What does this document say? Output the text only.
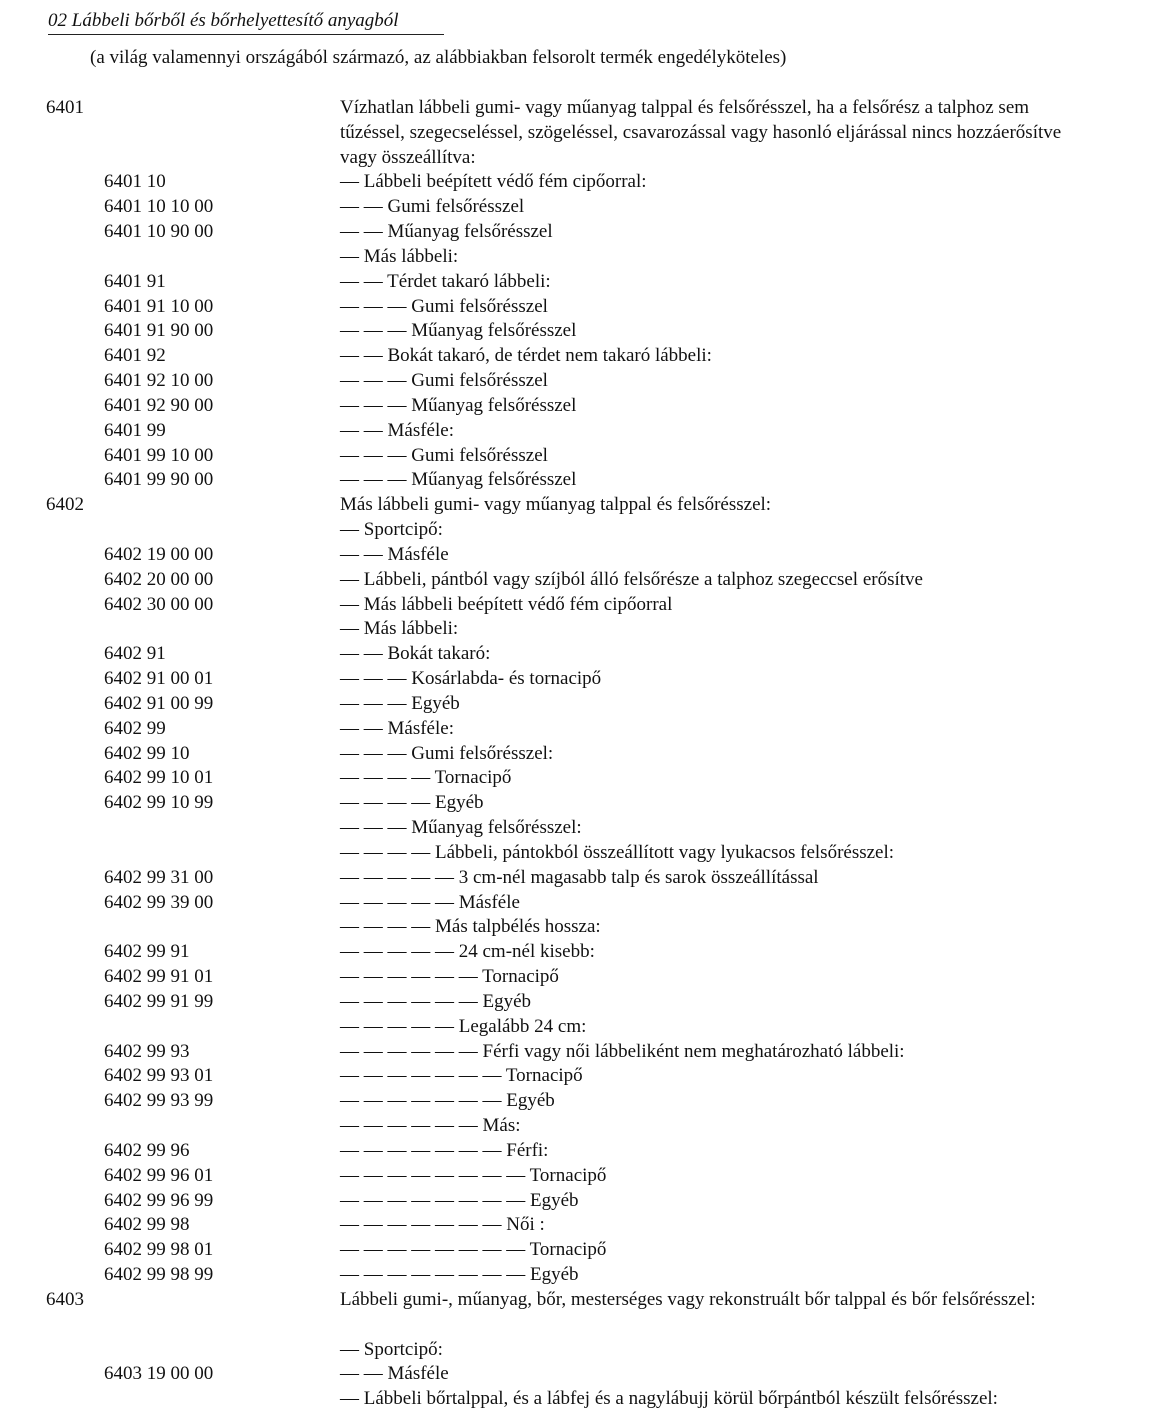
02 Lábbeli bőrből és bőrhelyettesítő anyagból
(a világ valamennyi országából származó, az alábbiakban felsorolt termék engedélyköteles)
6401	Vízhatlan lábbeli gumi- vagy műanyag talppal és felsőrésszel, ha a felsőrész a talphoz sem tűzéssel, szegecseléssel, szögeléssel, csavarozással vagy hasonló eljárással nincs hozzáerősítve vagy összeállítva:
6401 10	— Lábbeli beépített védő fém cipőorral:
6401 10 10 00	— — Gumi felsőrésszel
6401 10 90 00	— — Műanyag felsőrésszel
— Más lábbeli:
6401 91	— — Térdet takaró lábbeli:
6401 91 10 00	— — — Gumi felsőrésszel
6401 91 90 00	— — — Műanyag felsőrésszel
6401 92	— — Bokát takaró, de térdet nem takaró lábbeli:
6401 92 10 00	— — — Gumi felsőrésszel
6401 92 90 00	— — — Műanyag felsőrésszel
6401 99	— — Másféle:
6401 99 10 00	— — — Gumi felsőrésszel
6401 99 90 00	— — — Műanyag felsőrésszel
6402	Más lábbeli gumi- vagy műanyag talppal és felsőrésszel:
— Sportcipő:
6402 19 00 00	— — Másféle
6402 20 00 00	— Lábbeli, pántból vagy szíjból álló felsőrésze a talphoz szegeccsel erősítve
6402 30 00 00	— Más lábbeli beépített védő fém cipőorral
— Más lábbeli:
6402 91	— — Bokát takaró:
6402 91 00 01	— — — Kosárlabda- és tornacipő
6402 91 00 99	— — — Egyéb
6402 99	— — Másféle:
6402 99 10	— — — Gumi felsőrésszel:
6402 99 10 01	— — — — Tornacipő
6402 99 10 99	— — — — Egyéb
— — — Műanyag felsőrésszel:
— — — — Lábbeli, pántokból összeállított vagy lyukacsos felsőrésszel:
6402 99 31 00	— — — — — 3 cm-nél magasabb talp és sarok összeállítással
6402 99 39 00	— — — — — Másféle
— — — — Más talpbélés hossza:
6402 99 91	— — — — — 24 cm-nél kisebb:
6402 99 91 01	— — — — — — Tornacipő
6402 99 91 99	— — — — — — Egyéb
— — — — — Legalább 24 cm:
6402 99 93	— — — — — — Férfi vagy női lábbeliként nem meghatározható lábbeli:
6402 99 93 01	— — — — — — — Tornacipő
6402 99 93 99	— — — — — — — Egyéb
— — — — — — Más:
6402 99 96	— — — — — — — Férfi:
6402 99 96 01	— — — — — — — — Tornacipő
6402 99 96 99	— — — — — — — — Egyéb
6402 99 98	— — — — — — — Női :
6402 99 98 01	— — — — — — — — Tornacipő
6402 99 98 99	— — — — — — — — Egyéb
6403	Lábbeli gumi-, műanyag, bőr, mesterséges vagy rekonstruált bőr talppal és bőr felsőrésszel:
— Sportcipő:
6403 19 00 00	— — Másféle
— Lábbeli bőrtalppal, és a lábfej és a nagylábujj körül bőrpántból készült felsőrésszel:
